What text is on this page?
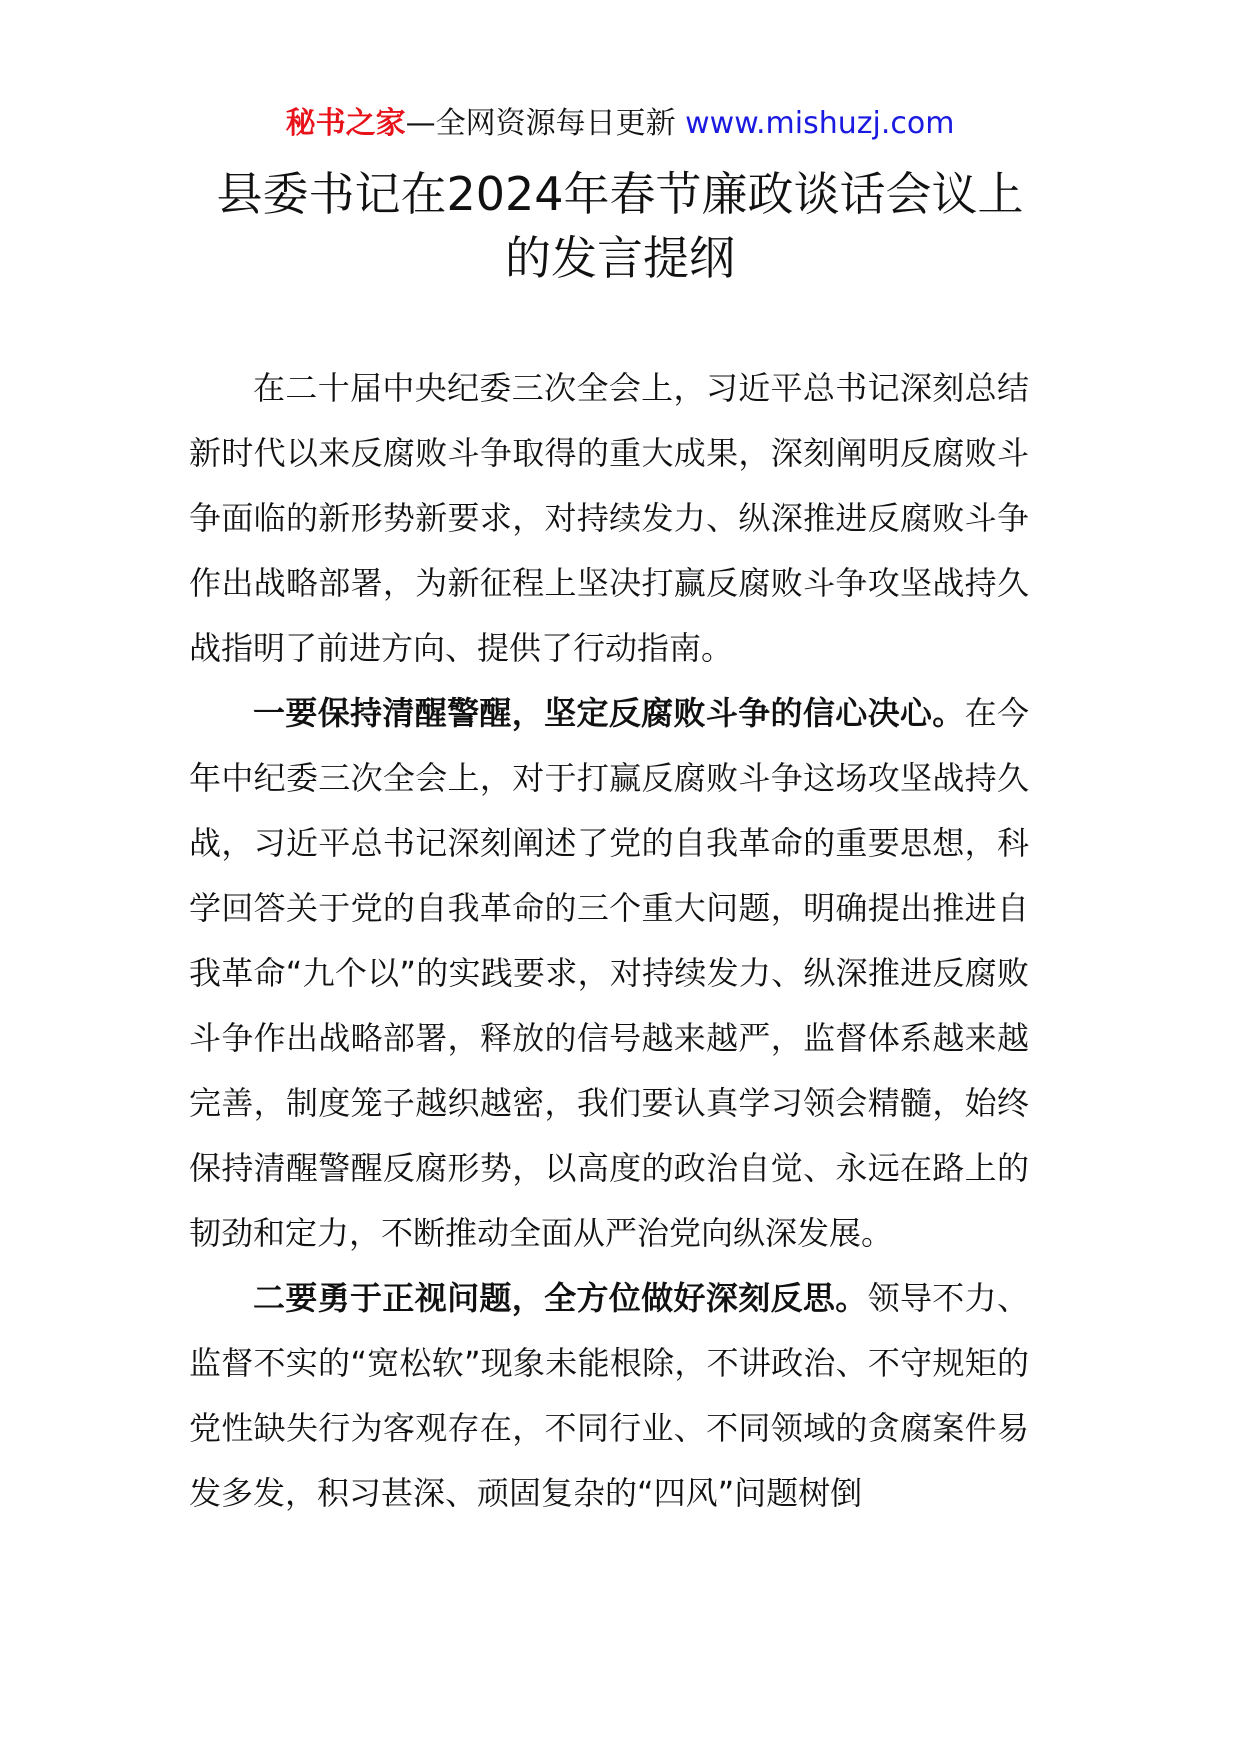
秘书之家—全网资源每日更新 www.mishuzj.com
县委书记在2024年春节廉政谈话会议上
的发言提纲

在二十届中央纪委三次全会上，习近平总书记深刻总结新时代以来反腐败斗争取得的重大成果，深刻阐明反腐败斗争面临的新形势新要求，对持续发力、纵深推进反腐败斗争作出战略部署，为新征程上坚决打赢反腐败斗争攻坚战持久战指明了前进方向、提供了行动指南。

一要保持清醒警醒，坚定反腐败斗争的信心决心。在今年中纪委三次全会上，对于打赢反腐败斗争这场攻坚战持久战，习近平总书记深刻阐述了党的自我革命的重要思想，科学回答关于党的自我革命的三个重大问题，明确提出推进自我革命“九个以”的实践要求，对持续发力、纵深推进反腐败斗争作出战略部署，释放的信号越来越严，监督体系越来越完善，制度笼子越织越密，我们要认真学习领会精髓，始终保持清醒警醒反腐形势，以高度的政治自觉、永远在路上的韧劲和定力，不断推动全面从严治党向纵深发展。

二要勇于正视问题，全方位做好深刻反思。领导不力、监督不实的“宽松软”现象未能根除，不讲政治、不守规矩的党性缺失行为客观存在，不同行业、不同领域的贪腐案件易发多发，积习甚深、顽固复杂的“四风”问题树倒
